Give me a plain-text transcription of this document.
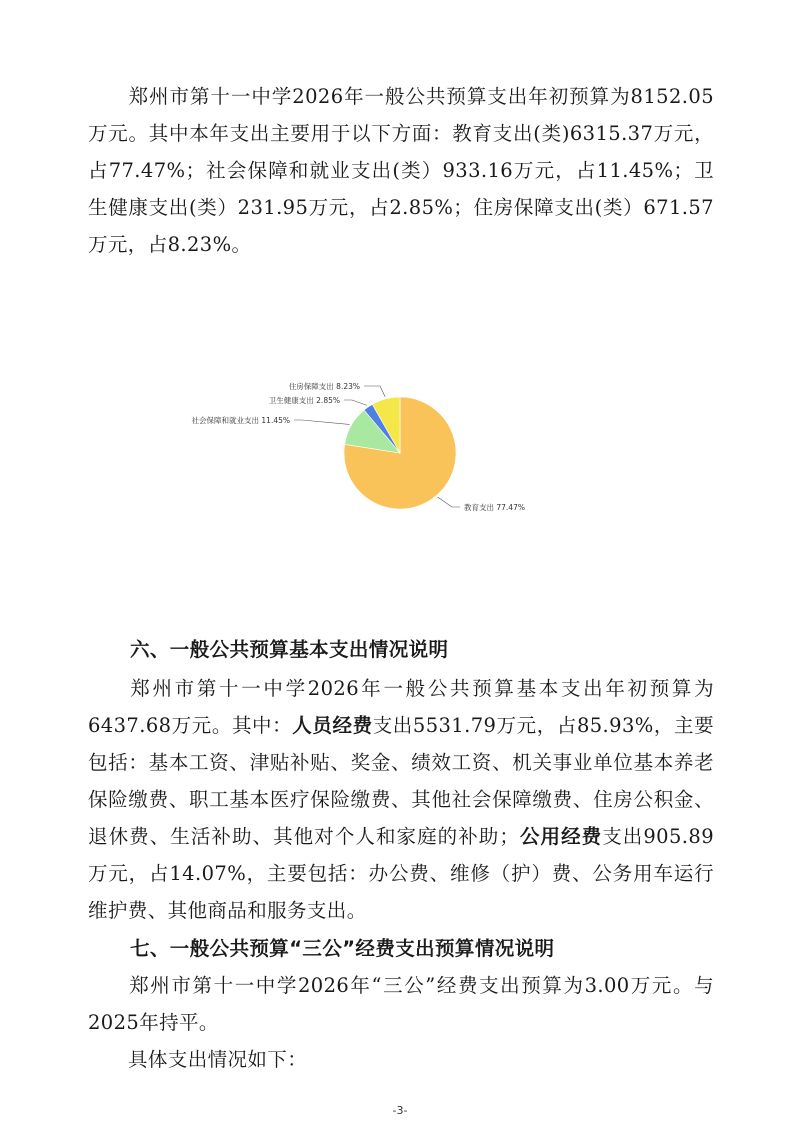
郑州市第十一中学2026年一般公共预算支出年初预算为8152.05万元。其中本年支出主要用于以下方面：教育支出(类)6315.37万元，占77.47%；社会保障和就业支出(类）933.16万元，占11.45%；卫生健康支出(类）231.95万元，占2.85%；住房保障支出(类）671.57万元，占8.23%。

教育支出 77.47%
社会保障和就业支出 11.45%
卫生健康支出 2.85%
住房保障支出 8.23%
六、一般公共预算基本支出情况说明

郑州市第十一中学2026年一般公共预算基本支出年初预算为6437.68万元。其中：人员经费支出5531.79万元，占85.93%，主要包括：基本工资、津贴补贴、奖金、绩效工资、机关事业单位基本养老保险缴费、职工基本医疗保险缴费、其他社会保障缴费、住房公积金、退休费、生活补助、其他对个人和家庭的补助；公用经费支出905.89万元，占14.07%，主要包括：办公费、维修（护）费、公务用车运行维护费、其他商品和服务支出。

七、一般公共预算“三公”经费支出预算情况说明

郑州市第十一中学2026年“三公”经费支出预算为3.00万元。与2025年持平。

具体支出情况如下：

-3-
